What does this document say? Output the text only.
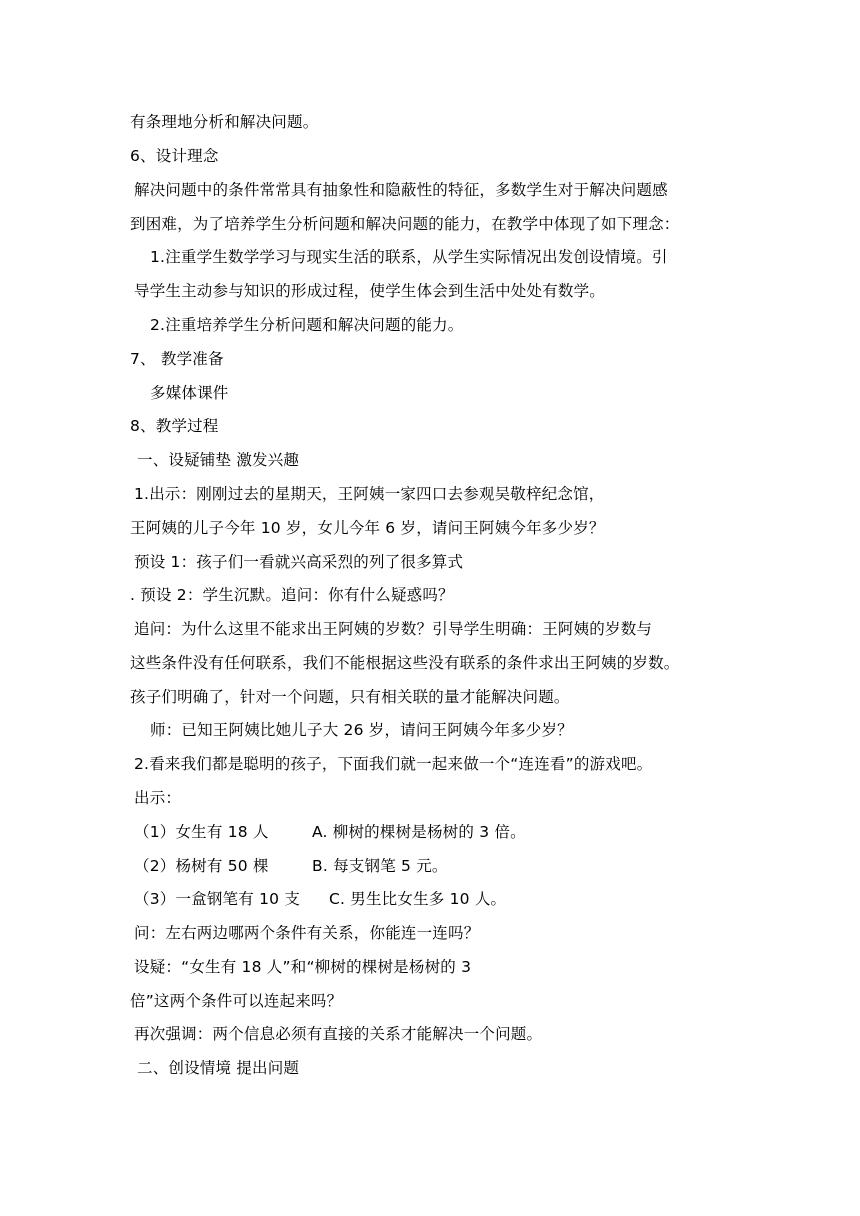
有条理地分析和解决问题。
6、设计理念
解决问题中的条件常常具有抽象性和隐蔽性的特征，多数学生对于解决问题感
到困难，为了培养学生分析问题和解决问题的能力，在教学中体现了如下理念：
1.注重学生数学学习与现实生活的联系，从学生实际情况出发创设情境。引
导学生主动参与知识的形成过程，使学生体会到生活中处处有数学。
2.注重培养学生分析问题和解决问题的能力。
7、 教学准备
多媒体课件
8、教学过程
一、设疑铺垫 激发兴趣
1.出示：刚刚过去的星期天，王阿姨一家四口去参观吴敬梓纪念馆，
王阿姨的儿子今年 10 岁，女儿今年 6 岁，请问王阿姨今年多少岁？
预设 1：孩子们一看就兴高采烈的列了很多算式
. 预设 2：学生沉默。追问：你有什么疑惑吗？
追问：为什么这里不能求出王阿姨的岁数？引导学生明确：王阿姨的岁数与
这些条件没有任何联系，我们不能根据这些没有联系的条件求出王阿姨的岁数。
孩子们明确了，针对一个问题，只有相关联的量才能解决问题。
师：已知王阿姨比她儿子大 26 岁，请问王阿姨今年多少岁？
2.看来我们都是聪明的孩子，下面我们就一起来做一个“连连看”的游戏吧。
出示：
（1）女生有 18 人	A. 柳树的棵树是杨树的 3 倍。
（2）杨树有 50 棵	B. 每支钢笔 5 元。
（3）一盒钢笔有 10 支 C. 男生比女生多 10 人。
问：左右两边哪两个条件有关系，你能连一连吗？
设疑：“女生有 18 人”和“柳树的棵树是杨树的 3
倍”这两个条件可以连起来吗？
再次强调：两个信息必须有直接的关系才能解决一个问题。
二、创设情境 提出问题
